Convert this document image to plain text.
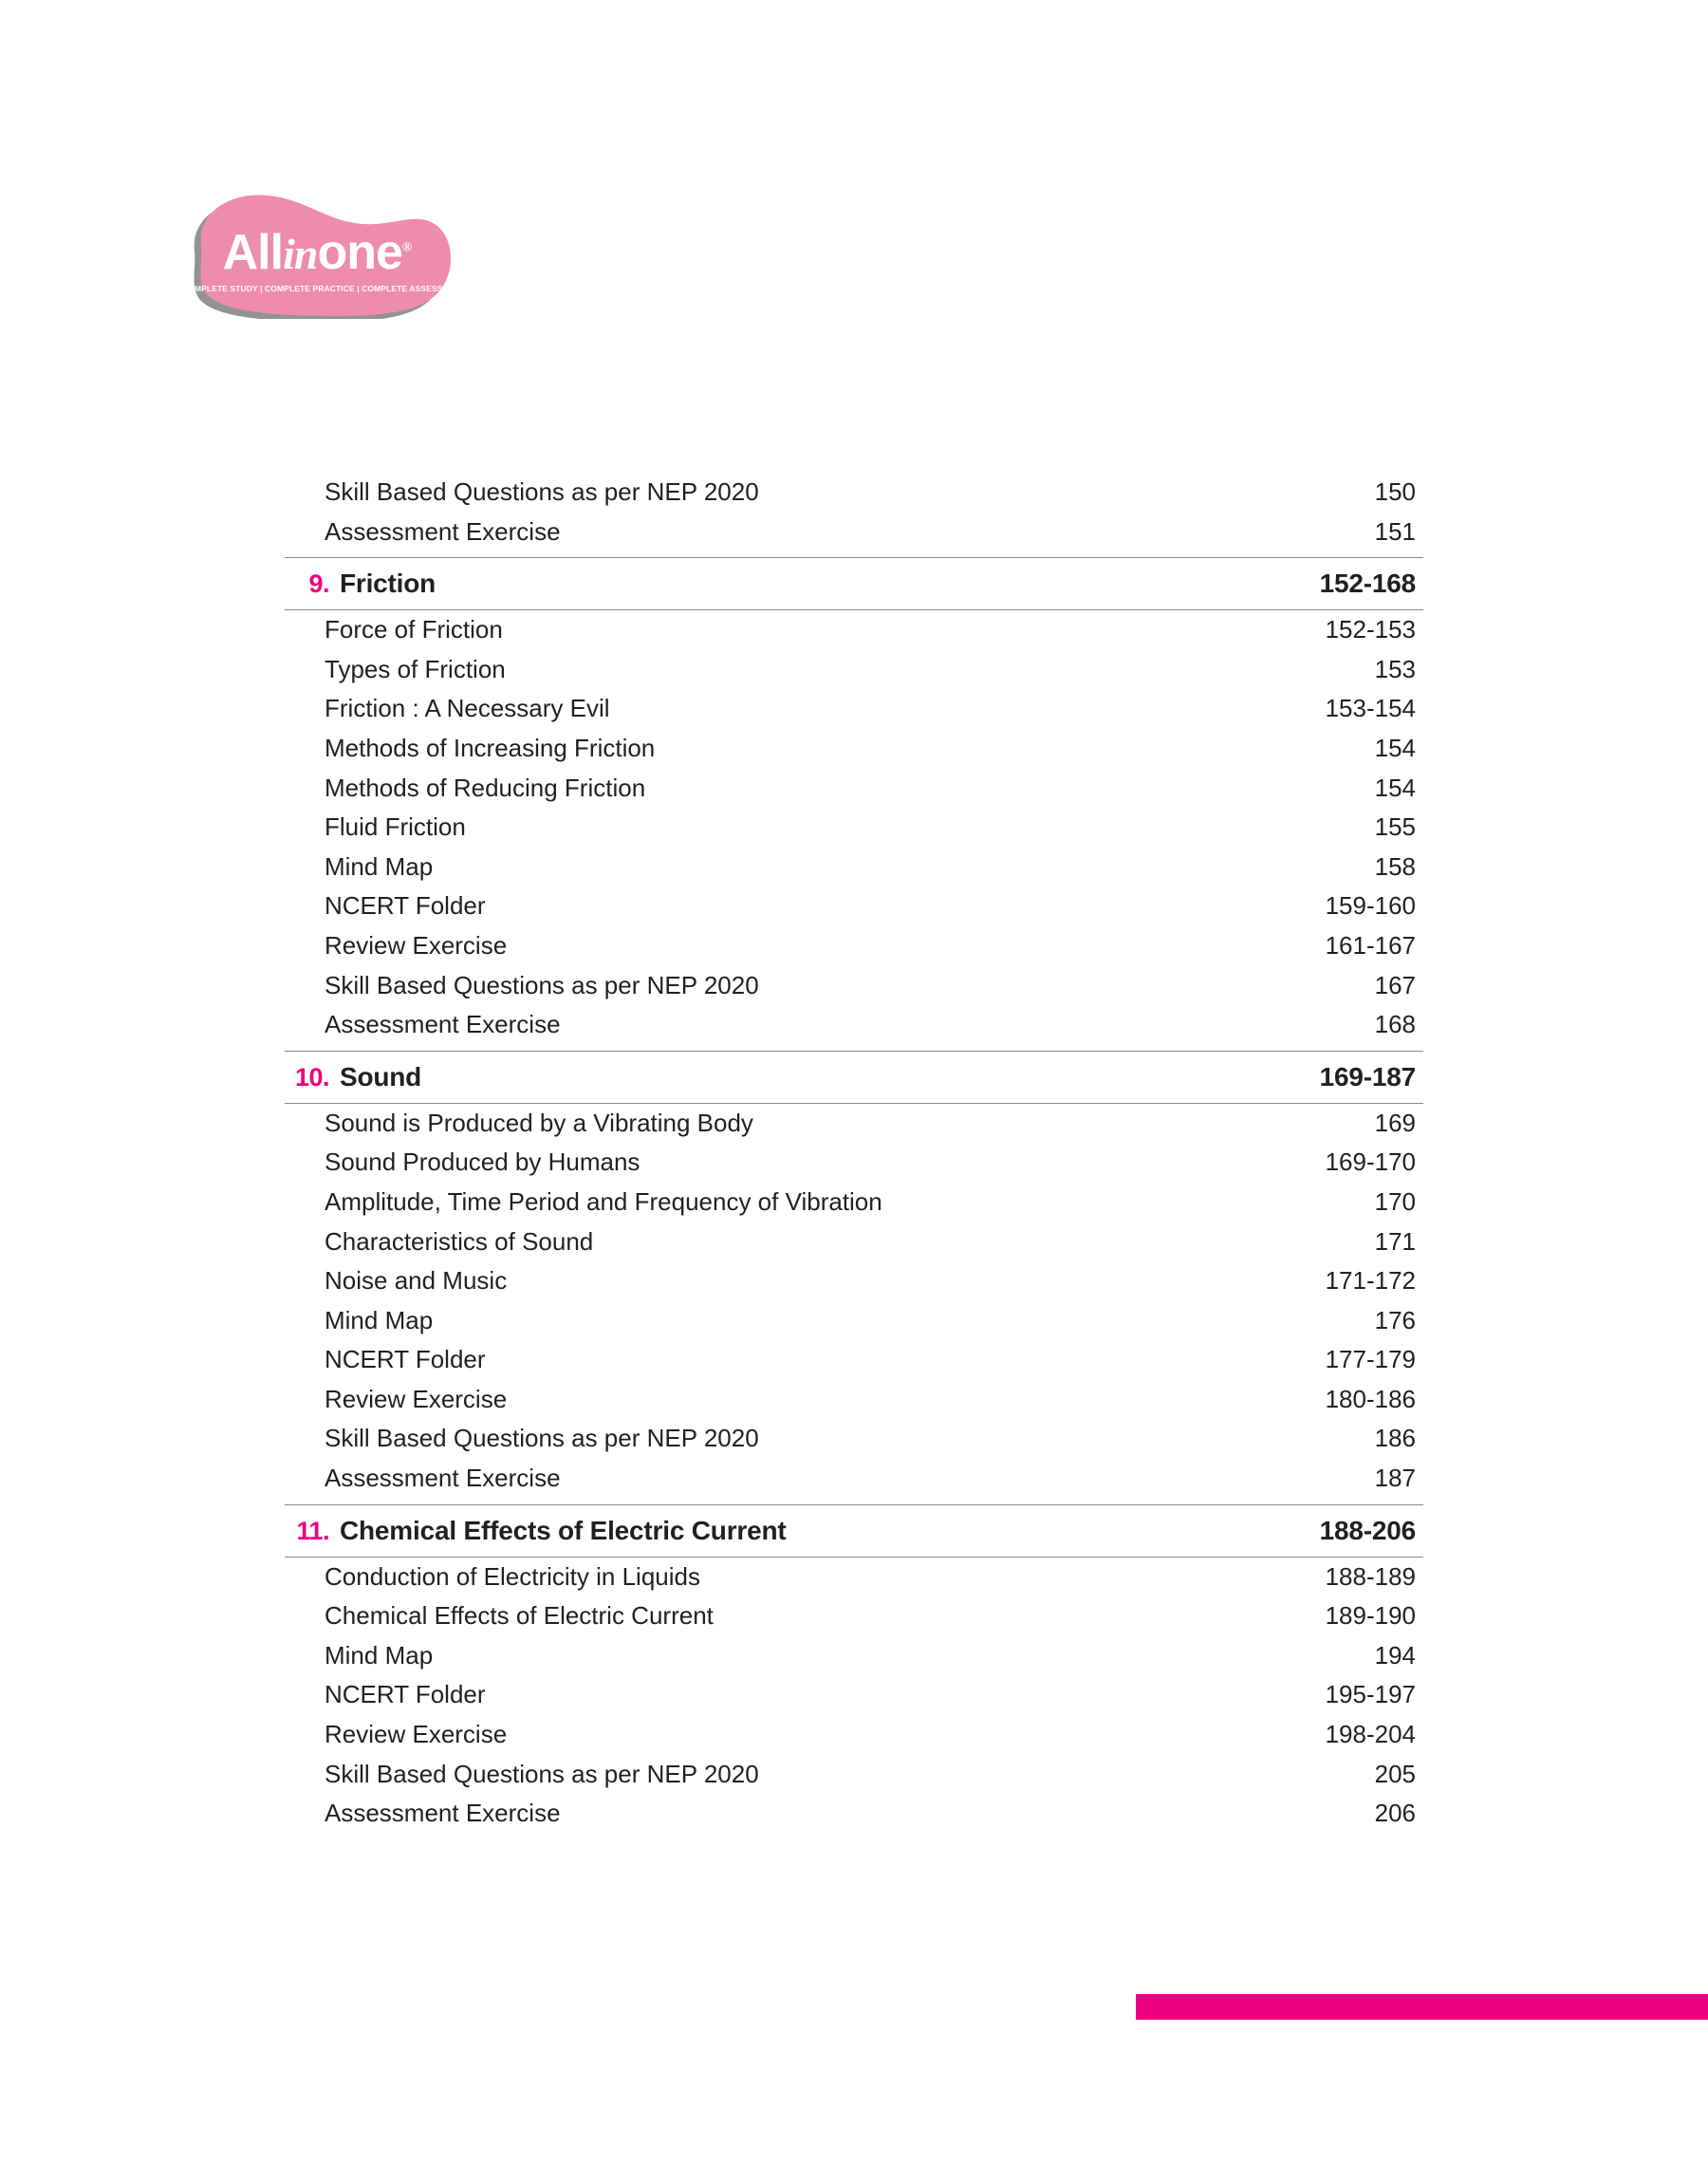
Allinone®
COMPLETE STUDY | COMPLETE PRACTICE | COMPLETE ASSESSMENT
Skill Based Questions as per NEP 2020	150
Assessment Exercise	151
9. Friction	152-168
Force of Friction	152-153
Types of Friction	153
Friction : A Necessary Evil	153-154
Methods of Increasing Friction	154
Methods of Reducing Friction	154
Fluid Friction	155
Mind Map	158
NCERT Folder	159-160
Review Exercise	161-167
Skill Based Questions as per NEP 2020	167
Assessment Exercise	168
10. Sound	169-187
Sound is Produced by a Vibrating Body	169
Sound Produced by Humans	169-170
Amplitude, Time Period and Frequency of Vibration	170
Characteristics of Sound	171
Noise and Music	171-172
Mind Map	176
NCERT Folder	177-179
Review Exercise	180-186
Skill Based Questions as per NEP 2020	186
Assessment Exercise	187
11. Chemical Effects of Electric Current	188-206
Conduction of Electricity in Liquids	188-189
Chemical Effects of Electric Current	189-190
Mind Map	194
NCERT Folder	195-197
Review Exercise	198-204
Skill Based Questions as per NEP 2020	205
Assessment Exercise	206
